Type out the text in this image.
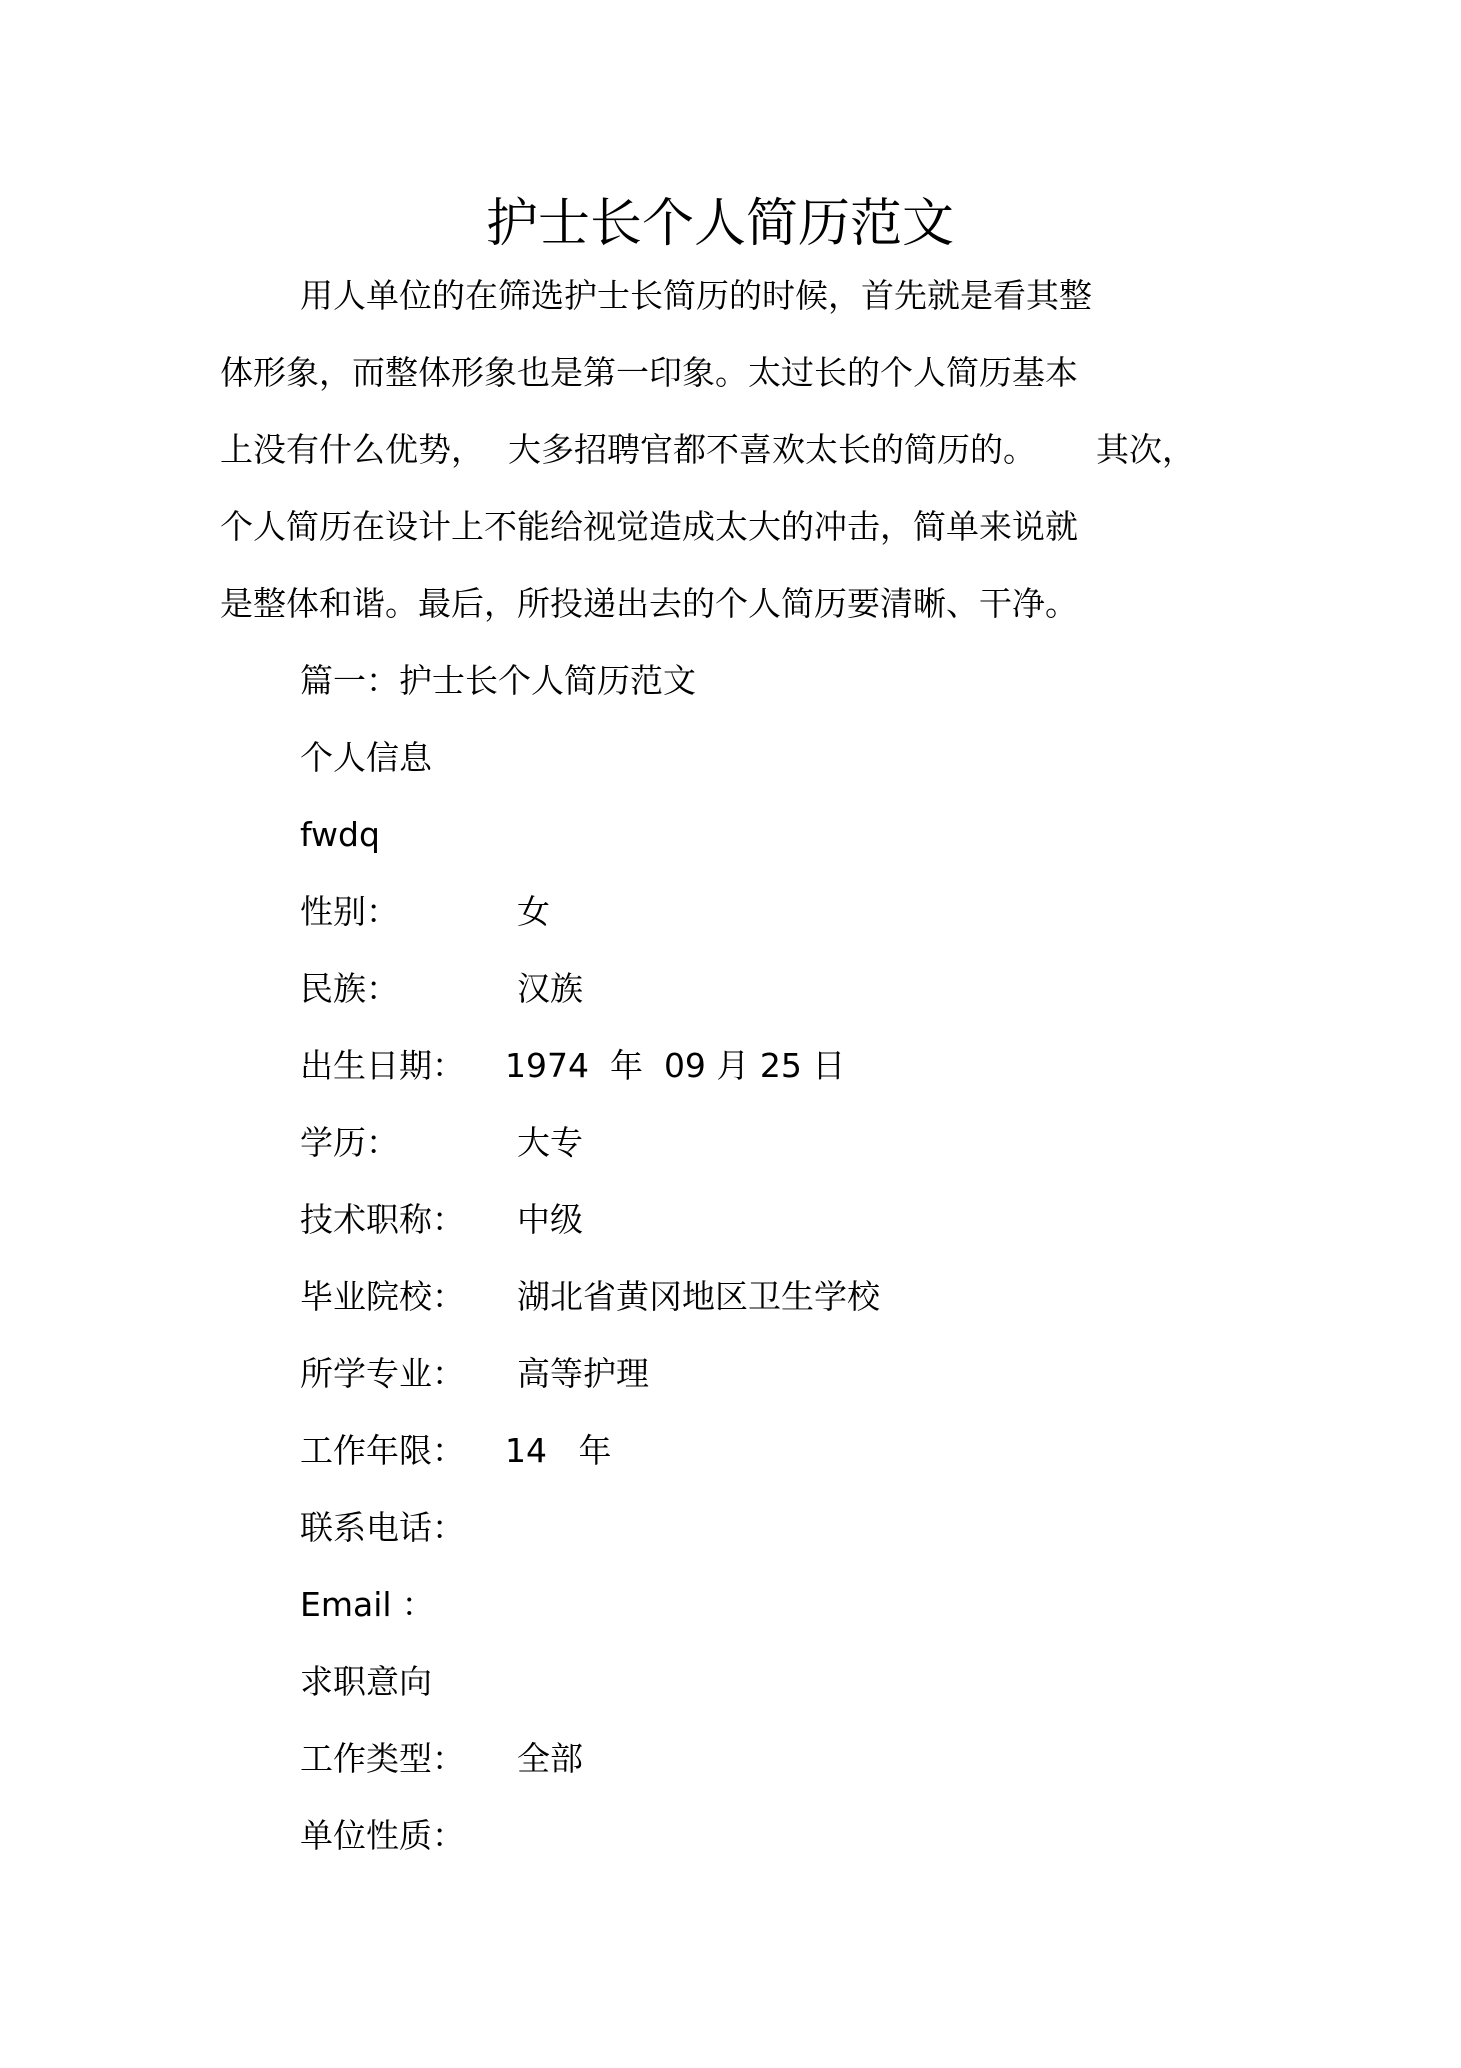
护士长个人简历范文
用人单位的在筛选护士长简历的时候，首先就是看其整
体形象，而整体形象也是第一印象。太过长的个人简历基本
上没有什么优势， 大多招聘官都不喜欢太长的简历的。 其次，
个人简历在设计上不能给视觉造成太大的冲击，简单来说就
是整体和谐。最后，所投递出去的个人简历要清晰、干净。
篇一：护士长个人简历范文
个人信息
fwdq
性别：	女
民族：	汉族
出生日期： 1974  年  09 月 25 日
学历：	大专
技术职称： 中级
毕业院校： 湖北省黄冈地区卫生学校
所学专业： 高等护理
工作年限： 14   年
联系电话：
Email ：
求职意向
工作类型： 全部
单位性质：
